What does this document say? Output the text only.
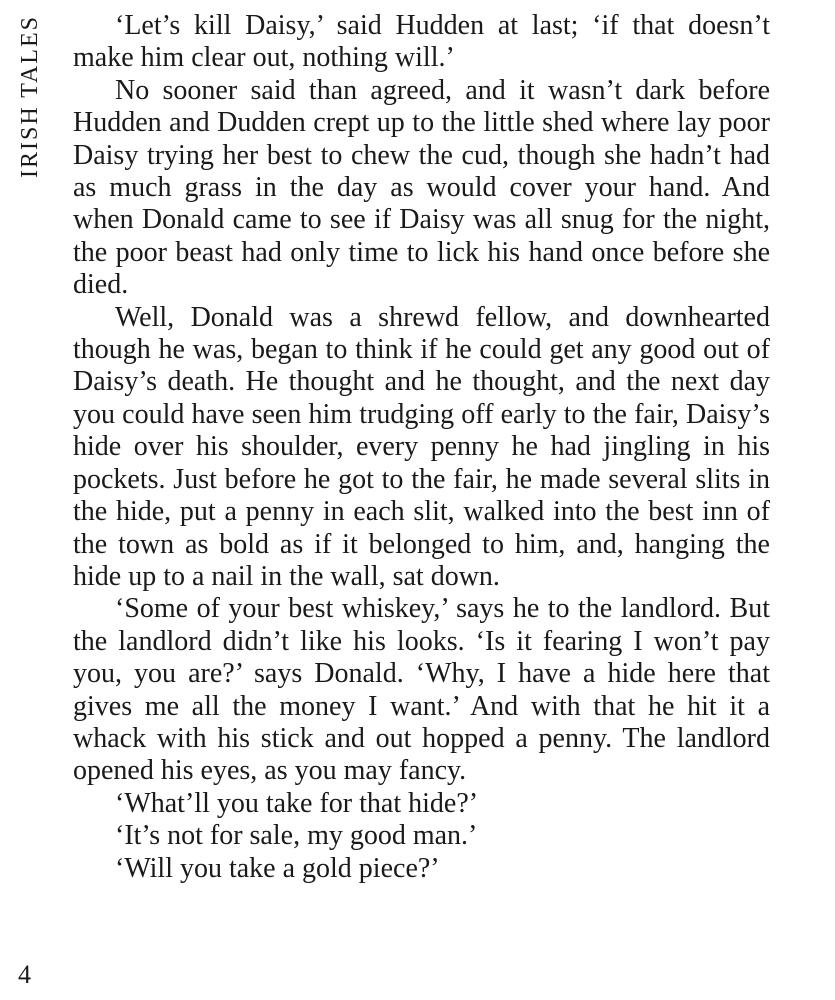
IRISH TALES	‘Let’s kill Daisy,’ said Hudden at last; ‘if that doesn’t make him clear out, nothing will.’

No sooner said than agreed, and it wasn’t dark before Hudden and Dudden crept up to the little shed where lay poor Daisy trying her best to chew the cud, though she hadn’t had as much grass in the day as would cover your hand. And when Donald came to see if Daisy was all snug for the night, the poor beast had only time to lick his hand once before she died.

Well, Donald was a shrewd fellow, and downhearted though he was, began to think if he could get any good out of Daisy’s death. He thought and he thought, and the next day you could have seen him trudging off early to the fair, Daisy’s hide over his shoulder, every penny he had jingling in his pockets. Just before he got to the fair, he made several slits in the hide, put a penny in each slit, walked into the best inn of the town as bold as if it belonged to him, and, hanging the hide up to a nail in the wall, sat down.

‘Some of your best whiskey,’ says he to the landlord. But the landlord didn’t like his looks. ‘Is it fearing I won’t pay you, you are?’ says Donald. ‘Why, I have a hide here that gives me all the money I want.’ And with that he hit it a whack with his stick and out hopped a penny. The landlord opened his eyes, as you may fancy.

‘What’ll you take for that hide?’

‘It’s not for sale, my good man.’

‘Will you take a gold piece?’

4
